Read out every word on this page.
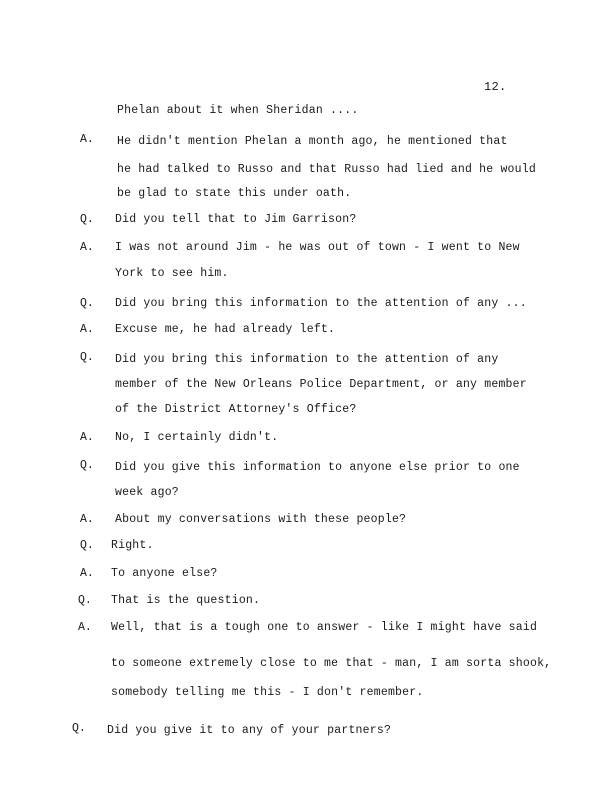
12.
Phelan about it when Sheridan ....
A. He didn't mention Phelan a month ago, he mentioned that
he had talked to Russo and that Russo had lied and he would
be glad to state this under oath.
Q. Did you tell that to Jim Garrison?
A. I was not around Jim - he was out of town - I went to New
York to see him.
Q. Did you bring this information to the attention of any ...
A. Excuse me, he had already left.
Q. Did you bring this information to the attention of any
member of the New Orleans Police Department, or any member
of the District Attorney's Office?
A. No, I certainly didn't.
Q. Did you give this information to anyone else prior to one
week ago?
A. About my conversations with these people?
Q. Right.
A. To anyone else?
Q. That is the question.
A. Well, that is a tough one to answer - like I might have said
to someone extremely close to me that - man, I am sorta shook,
somebody telling me this - I don't remember.
Q. Did you give it to any of your partners?
